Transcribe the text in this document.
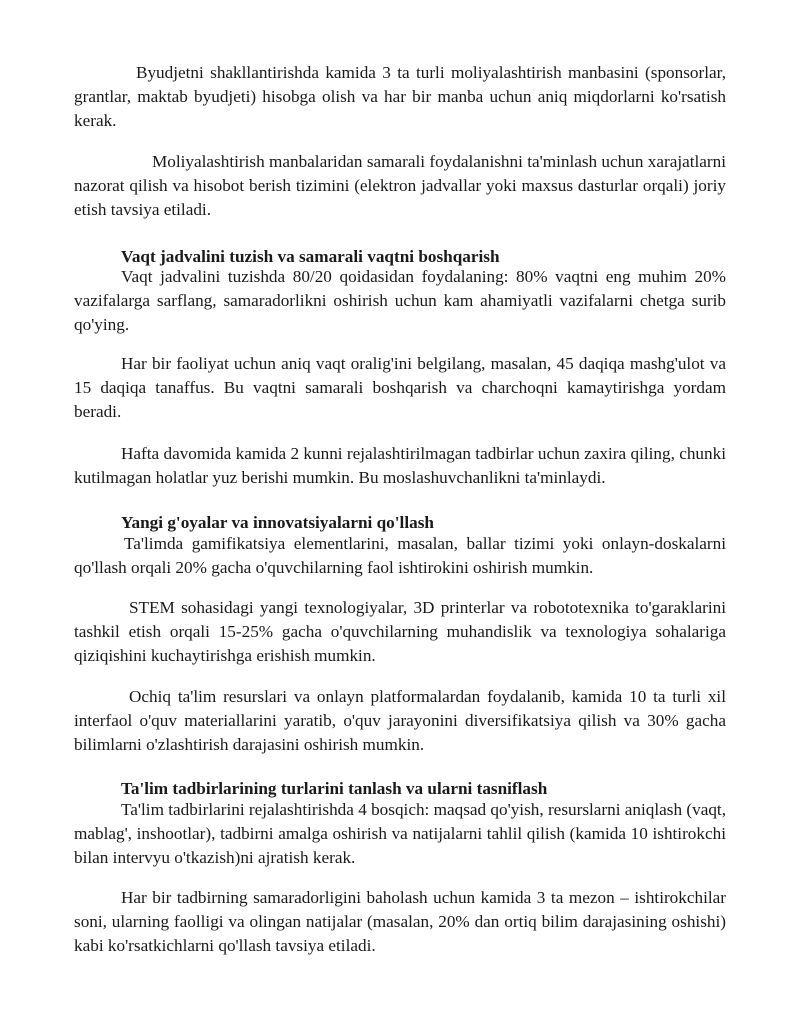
Byudjetni shakllantirishda kamida 3 ta turli moliyalashtirish manbasini (sponsorlar, grantlar, maktab byudjeti) hisobga olish va har bir manba uchun aniq miqdorlarni ko'rsatish kerak.

Moliyalashtirish manbalaridan samarali foydalanishni ta'minlash uchun xarajatlarni nazorat qilish va hisobot berish tizimini (elektron jadvallar yoki maxsus dasturlar orqali) joriy etish tavsiya etiladi.

Vaqt jadvalini tuzish va samarali vaqtni boshqarish

Vaqt jadvalini tuzishda 80/20 qoidasidan foydalaning: 80% vaqtni eng muhim 20% vazifalarga sarflang, samaradorlikni oshirish uchun kam ahamiyatli vazifalarni chetga surib qo'ying.

Har bir faoliyat uchun aniq vaqt oralig'ini belgilang, masalan, 45 daqiqa mashg'ulot va 15 daqiqa tanaffus. Bu vaqtni samarali boshqarish va charchoqni kamaytirishga yordam beradi.

Hafta davomida kamida 2 kunni rejalashtirilmagan tadbirlar uchun zaxira qiling, chunki kutilmagan holatlar yuz berishi mumkin. Bu moslashuvchanlikni ta'minlaydi.

Yangi g'oyalar va innovatsiyalarni qo'llash

Ta'limda gamifikatsiya elementlarini, masalan, ballar tizimi yoki onlayn-doskalarni qo'llash orqali 20% gacha o'quvchilarning faol ishtirokini oshirish mumkin.

STEM sohasidagi yangi texnologiyalar, 3D printerlar va robototexnika to'garaklarini tashkil etish orqali 15-25% gacha o'quvchilarning muhandislik va texnologiya sohalariga qiziqishini kuchaytirishga erishish mumkin.

Ochiq ta'lim resurslari va onlayn platformalardan foydalanib, kamida 10 ta turli xil interfaol o'quv materiallarini yaratib, o'quv jarayonini diversifikatsiya qilish va 30% gacha bilimlarni o'zlashtirish darajasini oshirish mumkin.

Ta'lim tadbirlarining turlarini tanlash va ularni tasniflash

Ta'lim tadbirlarini rejalashtirishda 4 bosqich: maqsad qo'yish, resurslarni aniqlash (vaqt, mablag', inshootlar), tadbirni amalga oshirish va natijalarni tahlil qilish (kamida 10 ishtirokchi bilan intervyu o'tkazish)ni ajratish kerak.

Har bir tadbirning samaradorligini baholash uchun kamida 3 ta mezon – ishtirokchilar soni, ularning faolligi va olingan natijalar (masalan, 20% dan ortiq bilim darajasining oshishi) kabi ko'rsatkichlarni qo'llash tavsiya etiladi.
